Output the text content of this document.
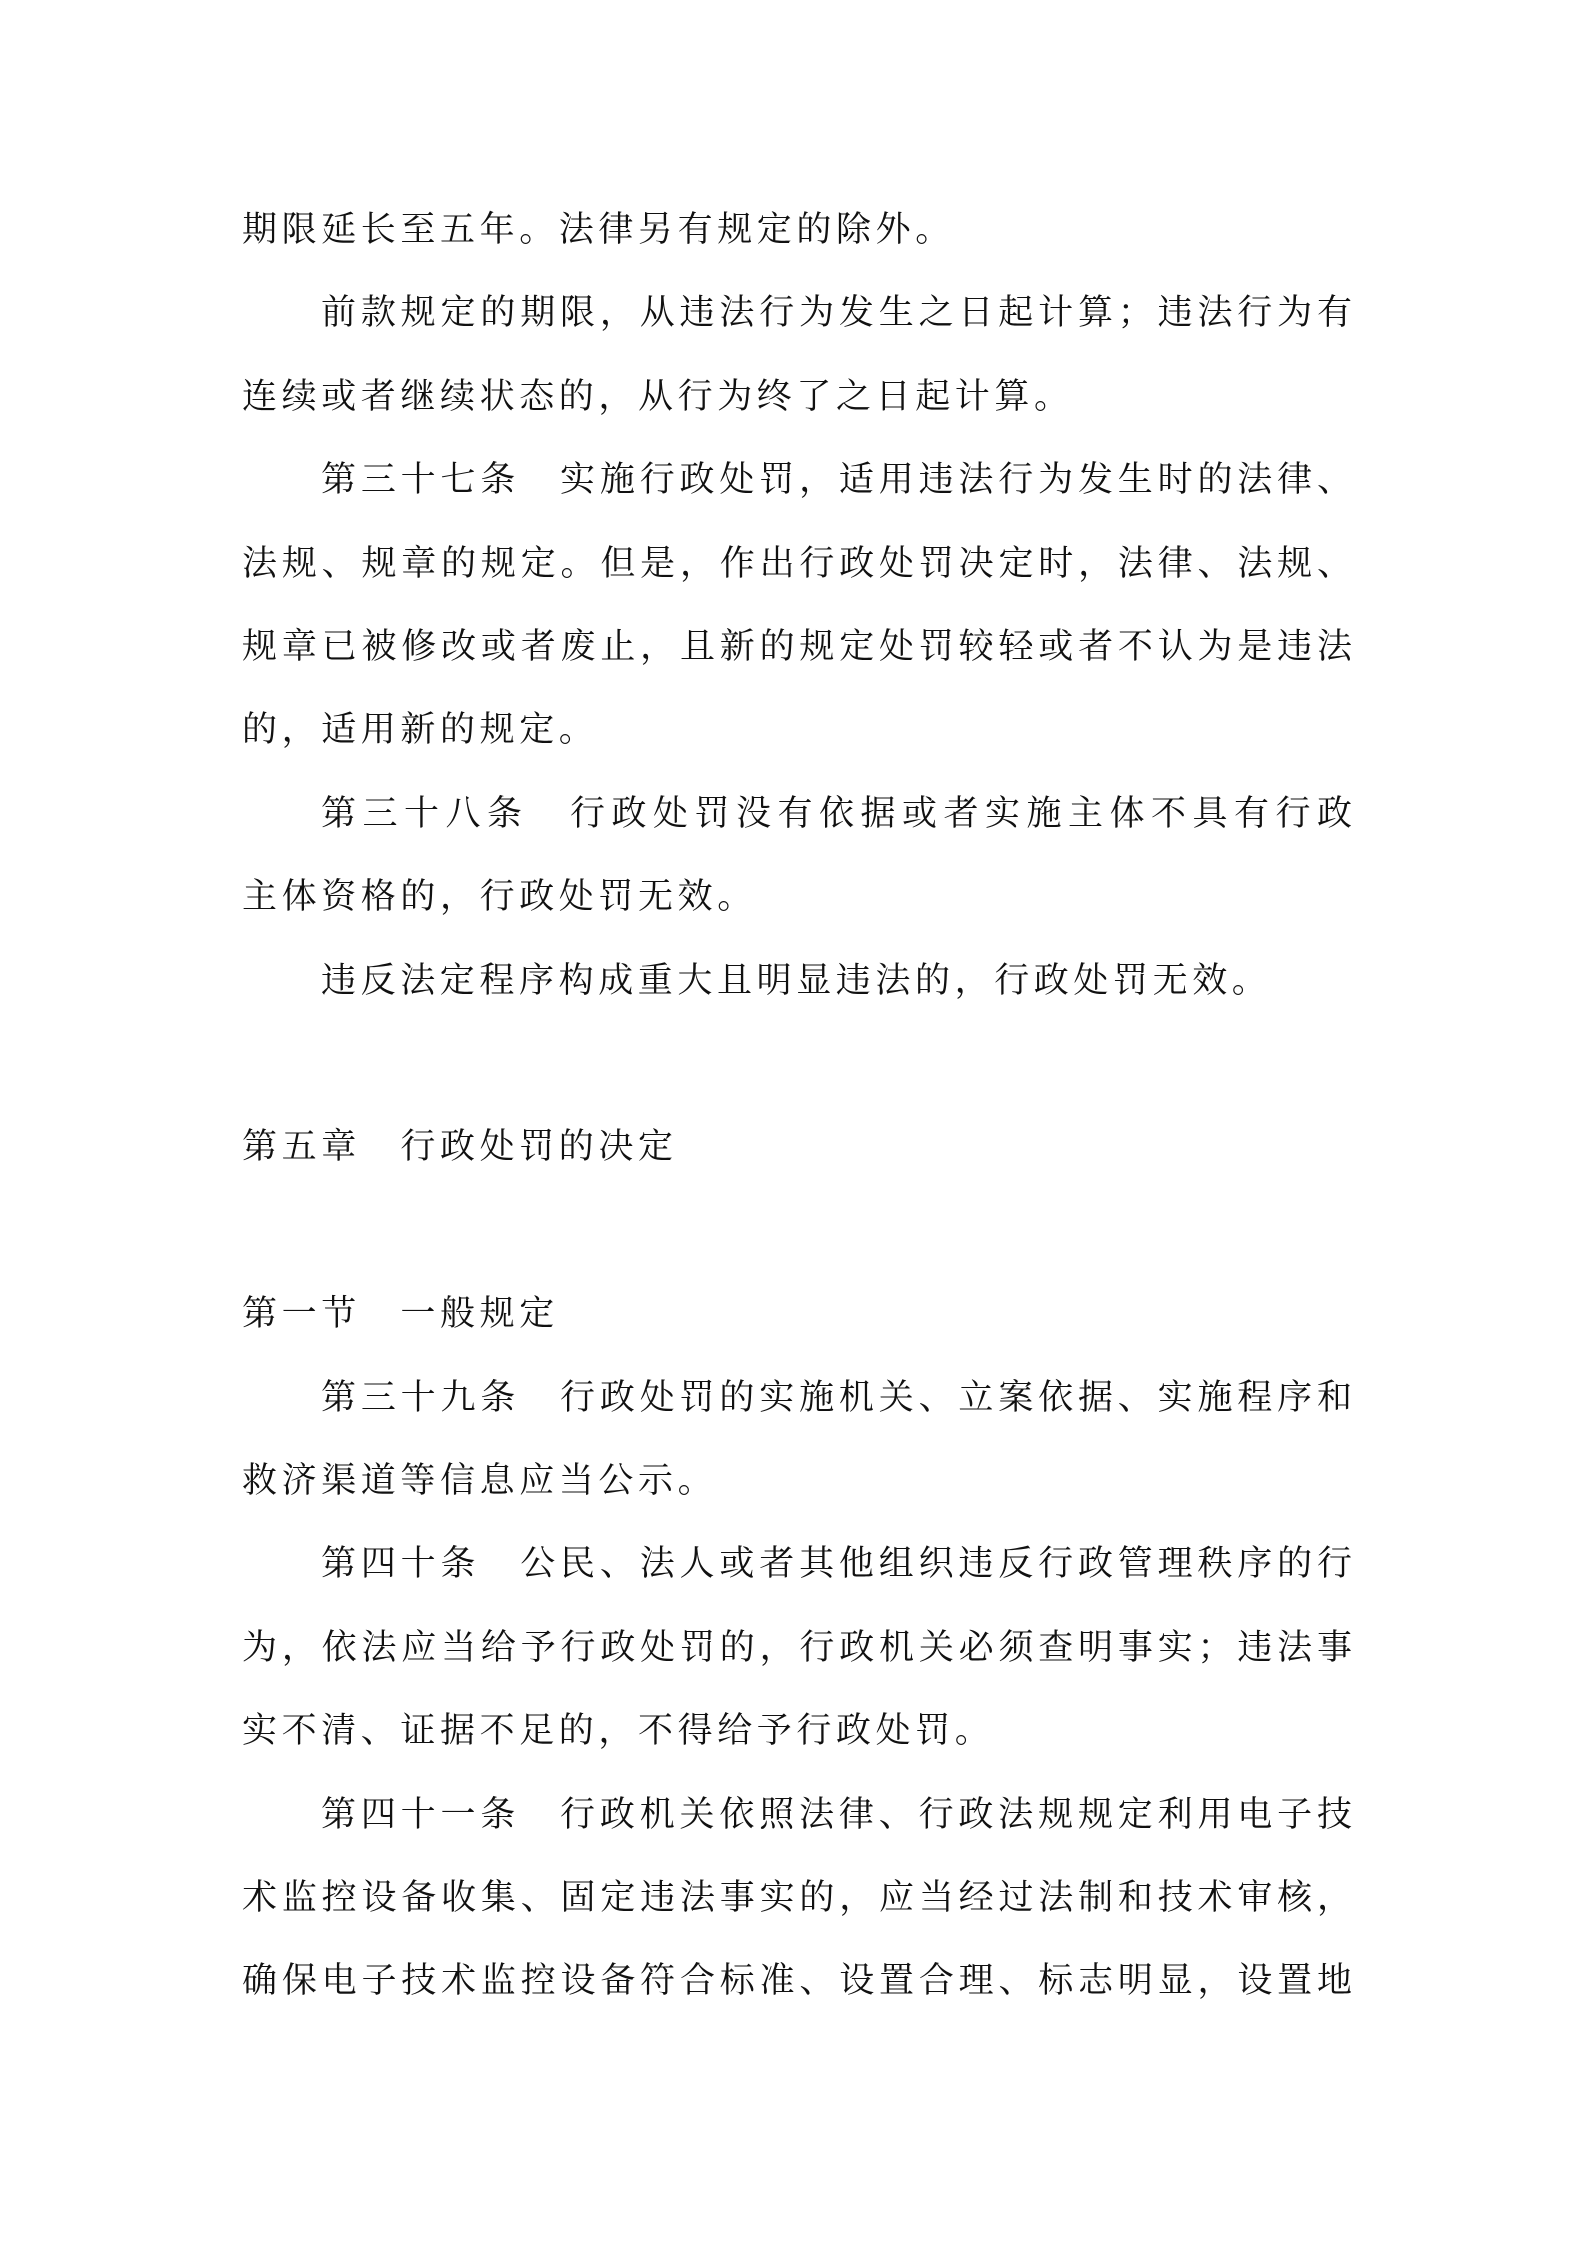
期限延长至五年。法律另有规定的除外。
前款规定的期限，从违法行为发生之日起计算；违法行为有
连续或者继续状态的，从行为终了之日起计算。
第三十七条　实施行政处罚，适用违法行为发生时的法律、
法规、规章的规定。但是，作出行政处罚决定时，法律、法规、
规章已被修改或者废止，且新的规定处罚较轻或者不认为是违法
的，适用新的规定。
第三十八条　行政处罚没有依据或者实施主体不具有行政
主体资格的，行政处罚无效。
违反法定程序构成重大且明显违法的，行政处罚无效。
第五章　行政处罚的决定
第一节　一般规定
第三十九条　行政处罚的实施机关、立案依据、实施程序和
救济渠道等信息应当公示。
第四十条　公民、法人或者其他组织违反行政管理秩序的行
为，依法应当给予行政处罚的，行政机关必须查明事实；违法事
实不清、证据不足的，不得给予行政处罚。
第四十一条　行政机关依照法律、行政法规规定利用电子技
术监控设备收集、固定违法事实的，应当经过法制和技术审核，
确保电子技术监控设备符合标准、设置合理、标志明显，设置地
